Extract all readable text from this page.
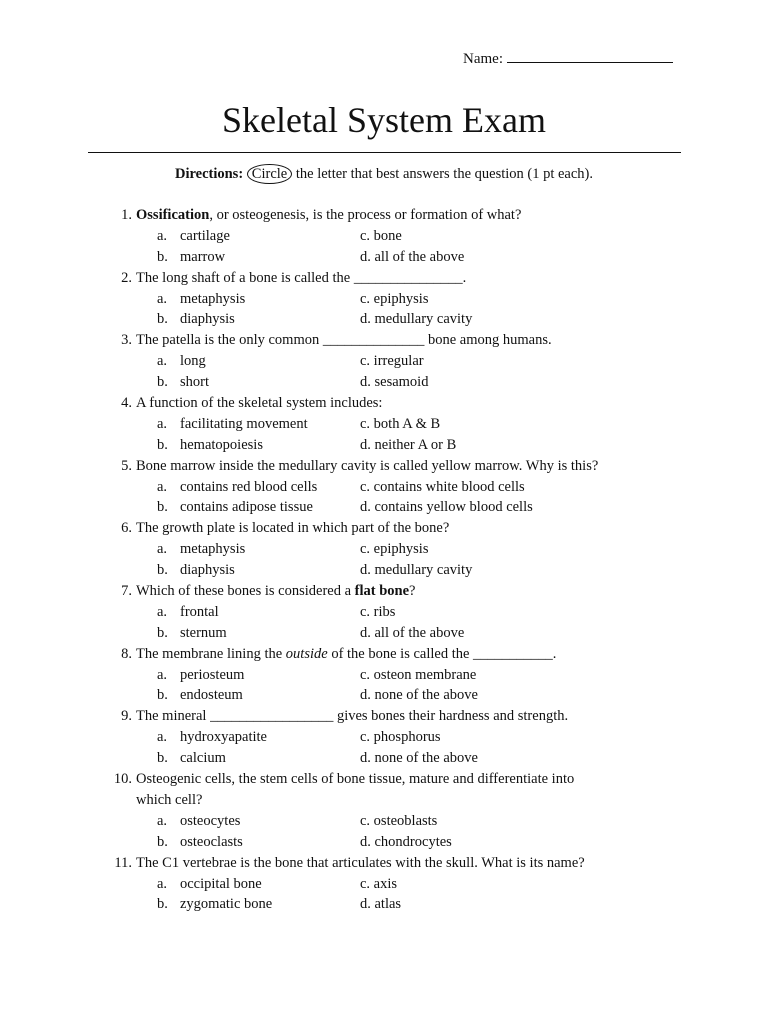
Name:
Skeletal System Exam
Directions: Circle the letter that best answers the question (1 pt each).
1. Ossification, or osteogenesis, is the process or formation of what?
a. cartilage	c. bone
b. marrow	d. all of the above
2. The long shaft of a bone is called the _______________.
a. metaphysis	c. epiphysis
b. diaphysis	d. medullary cavity
3. The patella is the only common ______________ bone among humans.
a. long	c. irregular
b. short	d. sesamoid
4. A function of the skeletal system includes:
a. facilitating movement	c. both A & B
b. hematopoiesis	d. neither A or B
5. Bone marrow inside the medullary cavity is called yellow marrow. Why is this?
a. contains red blood cells	c. contains white blood cells
b. contains adipose tissue	d. contains yellow blood cells
6. The growth plate is located in which part of the bone?
a. metaphysis	c. epiphysis
b. diaphysis	d. medullary cavity
7. Which of these bones is considered a flat bone?
a. frontal	c. ribs
b. sternum	d. all of the above
8. The membrane lining the outside of the bone is called the ___________.
a. periosteum	c. osteon membrane
b. endosteum	d. none of the above
9. The mineral _________________ gives bones their hardness and strength.
a. hydroxyapatite	c. phosphorus
b. calcium	d. none of the above
10. Osteogenic cells, the stem cells of bone tissue, mature and differentiate into
which cell?
a. osteocytes	c. osteoblasts
b. osteoclasts	d. chondrocytes
11. The C1 vertebrae is the bone that articulates with the skull. What is its name?
a. occipital bone	c. axis
b. zygomatic bone	d. atlas
